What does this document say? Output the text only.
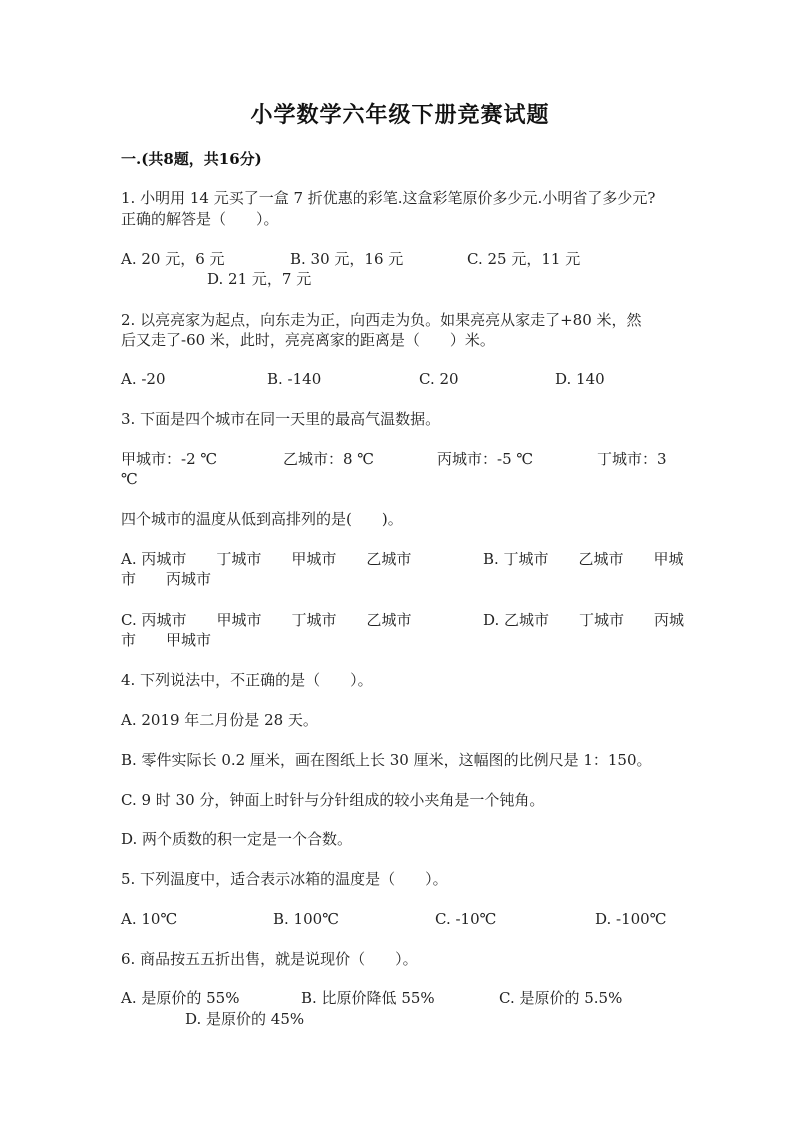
小学数学六年级下册竞赛试题
一.(共8题，共16分)
1. 小明用 14 元买了一盒 7 折优惠的彩笔.这盒彩笔原价多少元.小明省了多少元?
正确的解答是（　　）。
A. 20 元，6 元	B. 30 元，16 元	C. 25 元，11 元
D. 21 元，7 元
2. 以亮亮家为起点，向东走为正，向西走为负。如果亮亮从家走了+80 米，然
后又走了-60 米，此时，亮亮离家的距离是（　　）米。
A. -20	B. -140	C. 20	D. 140
3. 下面是四个城市在同一天里的最高气温数据。
甲城市：-2 ℃	乙城市：8 ℃	丙城市：-5 ℃	丁城市：3
℃
四个城市的温度从低到高排列的是(　　)。
A. 丙城市　　丁城市　　甲城市　　乙城市	B. 丁城市　　乙城市　　甲城
市　　丙城市
C. 丙城市　　甲城市　　丁城市　　乙城市	D. 乙城市　　丁城市　　丙城
市　　甲城市
4. 下列说法中，不正确的是（　　）。
A. 2019 年二月份是 28 天。
B. 零件实际长 0.2 厘米，画在图纸上长 30 厘米，这幅图的比例尺是 1：150。
C. 9 时 30 分，钟面上时针与分针组成的较小夹角是一个钝角。
D. 两个质数的积一定是一个合数。
5. 下列温度中，适合表示冰箱的温度是（　　）。
A. 10℃	B. 100℃	C. -10℃	D. -100℃
6. 商品按五五折出售，就是说现价（　　）。
A. 是原价的 55%	B. 比原价降低 55%	C. 是原价的 5.5%
D. 是原价的 45%
